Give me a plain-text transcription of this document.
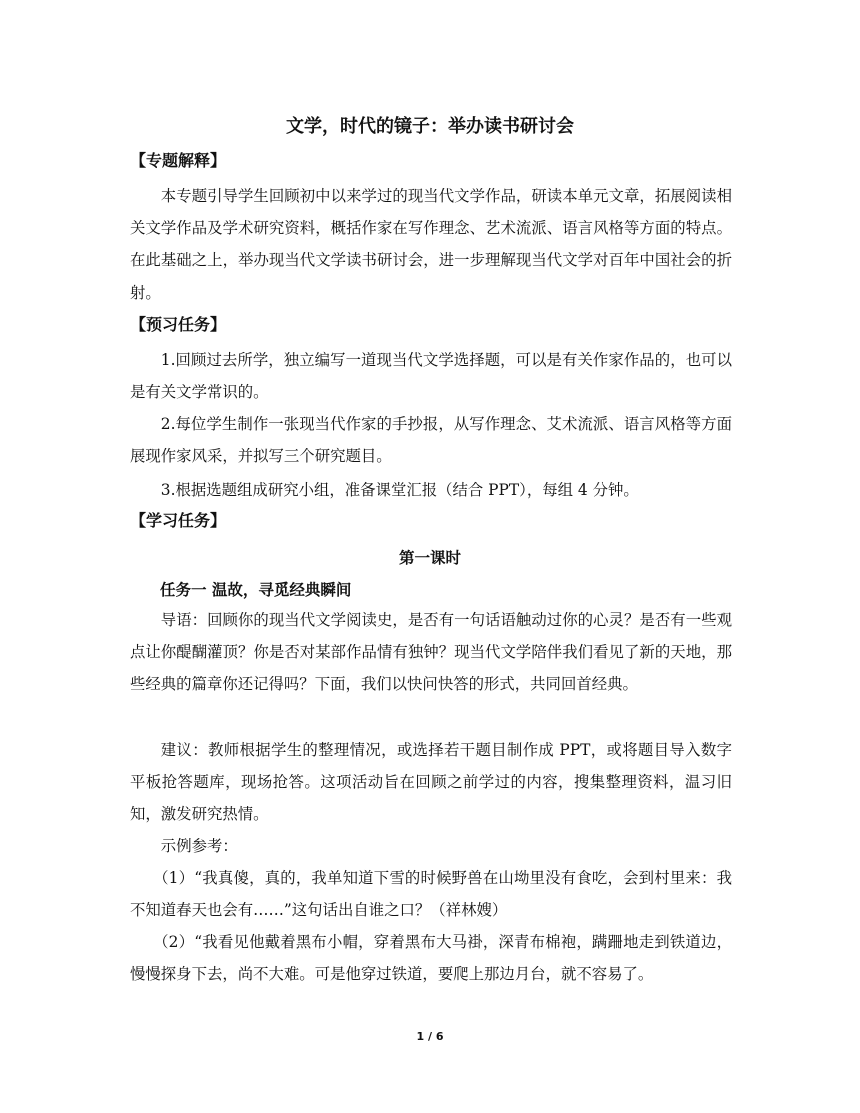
文学，时代的镜子：举办读书研讨会
【专题解释】
本专题引导学生回顾初中以来学过的现当代文学作品，研读本单元文章，拓展阅读相关文学作品及学术研究资料，概括作家在写作理念、艺术流派、语言风格等方面的特点。在此基础之上，举办现当代文学读书研讨会，进一步理解现当代文学对百年中国社会的折射。
【预习任务】
1.回顾过去所学，独立编写一道现当代文学选择题，可以是有关作家作品的，也可以是有关文学常识的。
2.每位学生制作一张现当代作家的手抄报，从写作理念、艾术流派、语言风格等方面展现作家风采，并拟写三个研究题目。
3.根据选题组成研究小组，准备课堂汇报（结合 PPT），每组 4 分钟。
【学习任务】
第一课时
任务一 温故，寻觅经典瞬间
导语：回顾你的现当代文学阅读史，是否有一句话语触动过你的心灵？是否有一些观点让你醍醐灌顶？你是否对某部作品情有独钟？现当代文学陪伴我们看见了新的天地，那些经典的篇章你还记得吗？下面，我们以快问快答的形式，共同回首经典。
建议：教师根据学生的整理情况，或选择若干题目制作成 PPT，或将题目导入数字平板抢答题库，现场抢答。这项活动旨在回顾之前学过的内容，搜集整理资料，温习旧知，激发研究热情。
示例参考：
（1）“我真傻，真的，我单知道下雪的时候野兽在山坳里没有食吃，会到村里来：我不知道春天也会有……”这句话出自谁之口？（祥林嫂）
（2）“我看见他戴着黑布小帽，穿着黑布大马褂，深青布棉袍，蹒跚地走到铁道边，慢慢探身下去，尚不大难。可是他穿过铁道，要爬上那边月台，就不容易了。
1 / 6
